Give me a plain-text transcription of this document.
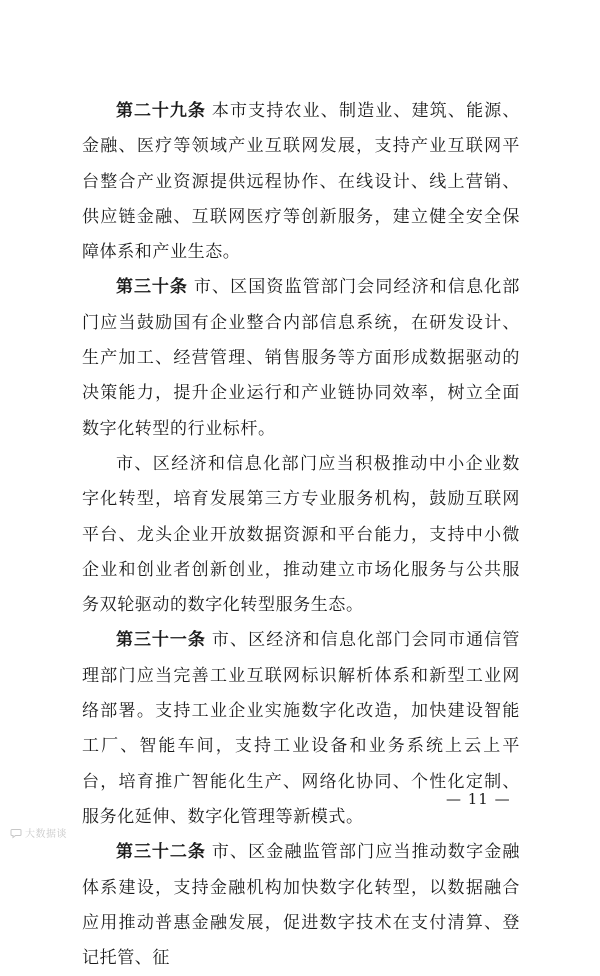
第二十九条 本市支持农业、制造业、建筑、能源、金融、医疗等领域产业互联网发展，支持产业互联网平台整合产业资源提供远程协作、在线设计、线上营销、供应链金融、互联网医疗等创新服务，建立健全安全保障体系和产业生态。

第三十条 市、区国资监管部门会同经济和信息化部门应当鼓励国有企业整合内部信息系统，在研发设计、生产加工、经营管理、销售服务等方面形成数据驱动的决策能力，提升企业运行和产业链协同效率，树立全面数字化转型的行业标杆。

市、区经济和信息化部门应当积极推动中小企业数字化转型，培育发展第三方专业服务机构，鼓励互联网平台、龙头企业开放数据资源和平台能力，支持中小微企业和创业者创新创业，推动建立市场化服务与公共服务双轮驱动的数字化转型服务生态。

第三十一条 市、区经济和信息化部门会同市通信管理部门应当完善工业互联网标识解析体系和新型工业网络部署。支持工业企业实施数字化改造，加快建设智能工厂、智能车间，支持工业设备和业务系统上云上平台，培育推广智能化生产、网络化协同、个性化定制、服务化延伸、数字化管理等新模式。

第三十二条 市、区金融监管部门应当推动数字金融体系建设，支持金融机构加快数字化转型，以数据融合应用推动普惠金融发展，促进数字技术在支付清算、登记托管、征

— 11 —
大数据谈
